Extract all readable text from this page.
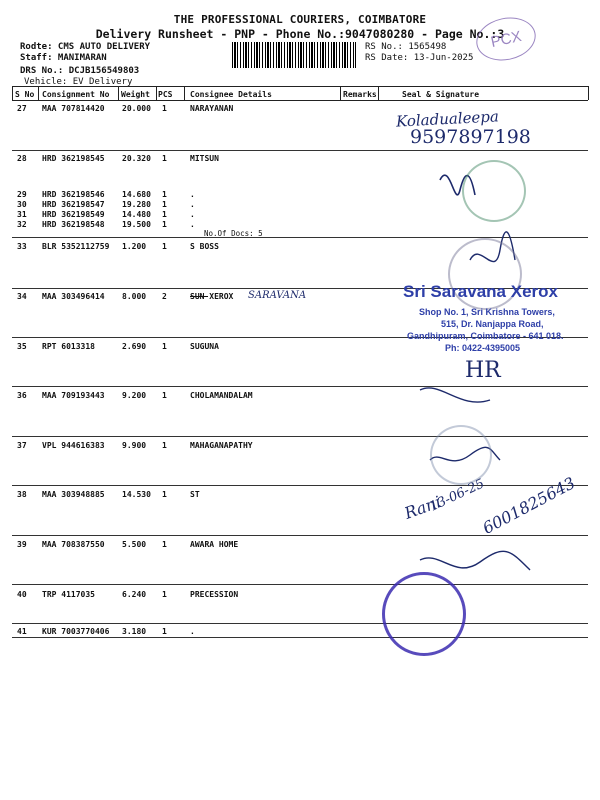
THE PROFESSIONAL COURIERS, COIMBATORE
Delivery Runsheet - PNP - Phone No.:9047080280 - Page No.:3
Rodte: CMS AUTO DELIVERY
Staff: MANIMARAN
DRS No.: DCJB156549803
Vehicle: EV Delivery
RS No.: 1565498
RS Date: 13-Jun-2025
PCX
S No Consignment No Weight PCS Consignee Details	Remarks	Seal & Signature
27 MAA 707814420 20.000 1	NARAYANAN
28 HRD 362198545 20.320 1	MITSUN
29 HRD 362198546 14.680 1	.
30 HRD 362198547 19.280 1	.
31 HRD 362198549 14.480 1	.
32 HRD 362198548 19.500 1	.
No.Of Docs: 5
33 BLR 5352112759 1.200 1	S BOSS
34 MAA 303496414 8.000 2	SUN XEROX
35 RPT 6013318	2.690 1	SUGUNA
36 MAA 709193443 9.200 1	CHOLAMANDALAM
37 VPL 944616383 9.900 1	MAHAGANAPATHY
38 MAA 303948885 14.530 1	ST
39 MAA 708387550 5.500 1	AWARA HOME
40 TRP 4117035	6.240 1	PRECESSION
41 KUR 7003770406 3.180 1	.
Koladualeepa
9597897198
SARAVANA
HR
Rani
13-06-25
6001825643
Sri Saravana Xerox
Shop No. 1, Sri Krishna Towers,
515, Dr. Nanjappa Road,
Gandhipuram, Coimbatore - 641 018.
Ph: 0422-4395005
